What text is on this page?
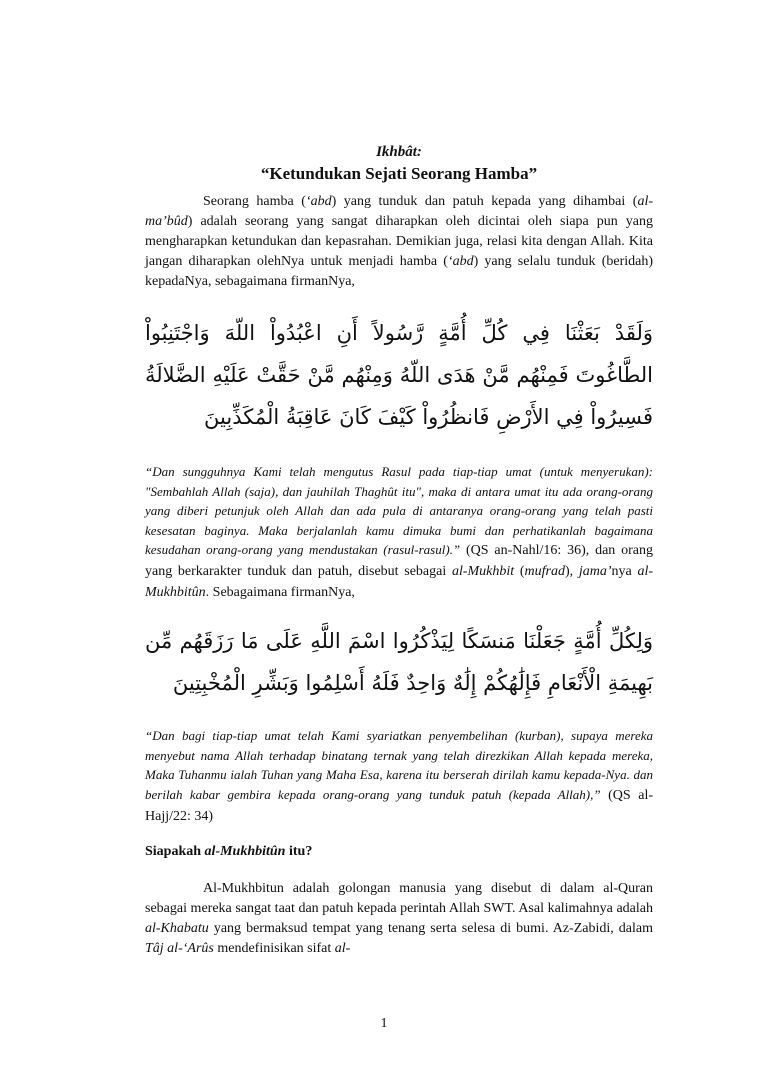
Ikhbât:
“Ketundukan Sejati Seorang Hamba”

Seorang hamba (‘abd) yang tunduk dan patuh kepada yang dihambai (al-ma’bûd) adalah seorang yang sangat diharapkan oleh dicintai oleh siapa pun yang mengharapkan ketundukan dan kepasrahan. Demikian juga, relasi kita dengan Allah. Kita jangan diharapkan olehNya untuk menjadi hamba (‘abd) yang selalu tunduk (beridah) kepadaNya, sebagaimana firmanNya,

وَلَقَدْ بَعَثْنَا فِي كُلِّ أُمَّةٍ رَّسُولاً أَنِ اعْبُدُواْ اللّهَ وَاجْتَنِبُواْ الطَّاغُوتَ فَمِنْهُم مَّنْ هَدَى اللّهُ وَمِنْهُم مَّنْ حَقَّتْ عَلَيْهِ الضَّلالَةُ فَسِيرُواْ فِي الأَرْضِ فَانظُرُواْ كَيْفَ كَانَ عَاقِبَةُ الْمُكَذِّبِينَ

“Dan sungguhnya Kami telah mengutus Rasul pada tiap-tiap umat (untuk menyerukan): "Sembahlah Allah (saja), dan jauhilah Thaghût itu", maka di antara umat itu ada orang-orang yang diberi petunjuk oleh Allah dan ada pula di antaranya orang-orang yang telah pasti kesesatan baginya. Maka berjalanlah kamu dimuka bumi dan perhatikanlah bagaimana kesudahan orang-orang yang mendustakan (rasul-rasul).” (QS an-Nahl/16: 36), dan orang yang berkarakter tunduk dan patuh, disebut sebagai al-Mukhbit (mufrad), jama’nya al-Mukhbitûn. Sebagaimana firmanNya,

وَلِكُلِّ أُمَّةٍ جَعَلْنَا مَنسَكًا لِيَذْكُرُوا اسْمَ اللَّهِ عَلَى مَا رَزَقَهُم مِّن بَهِيمَةِ الْأَنْعَامِ فَإِلَٰهُكُمْ إِلَٰهٌ وَاحِدٌ فَلَهُ أَسْلِمُوا وَبَشِّرِ الْمُخْبِتِينَ

“Dan bagi tiap-tiap umat telah Kami syariatkan penyembelihan (kurban), supaya mereka menyebut nama Allah terhadap binatang ternak yang telah direzkikan Allah kepada mereka, Maka Tuhanmu ialah Tuhan yang Maha Esa, karena itu berserah dirilah kamu kepada-Nya. dan berilah kabar gembira kepada orang-orang yang tunduk patuh (kepada Allah),” (QS al-Hajj/22: 34)

Siapakah al-Mukhbitûn itu?

Al-Mukhbitun adalah golongan manusia yang disebut di dalam al-Quran sebagai mereka sangat taat dan patuh kepada perintah Allah SWT. Asal kalimahnya adalah al-Khabatu yang bermaksud tempat yang tenang serta selesa di bumi. Az-Zabidi, dalam Tâj al-‘Arûs mendefinisikan sifat al-

1
